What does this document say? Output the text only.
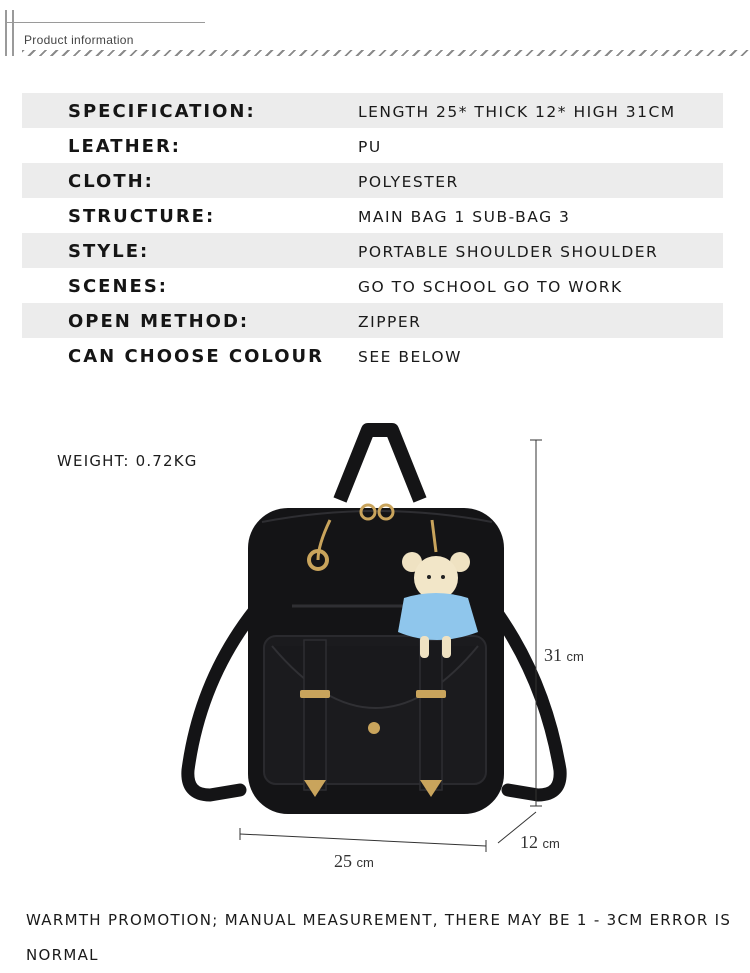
Product information
SPECIFICATION:	LENGTH 25* THICK 12* HIGH 31CM
LEATHER:	PU
CLOTH:	POLYESTER
STRUCTURE:	MAIN BAG 1 SUB-BAG 3
STYLE:	PORTABLE SHOULDER SHOULDER
SCENES:	GO TO SCHOOL GO TO WORK
OPEN METHOD:	ZIPPER
CAN CHOOSE COLOUR SEE BELOW
WEIGHT: 0.72KG
31 cm
12 cm
25 cm
WARMTH PROMOTION; MANUAL MEASUREMENT, THERE MAY BE 1 - 3CM ERROR IS NORMAL
